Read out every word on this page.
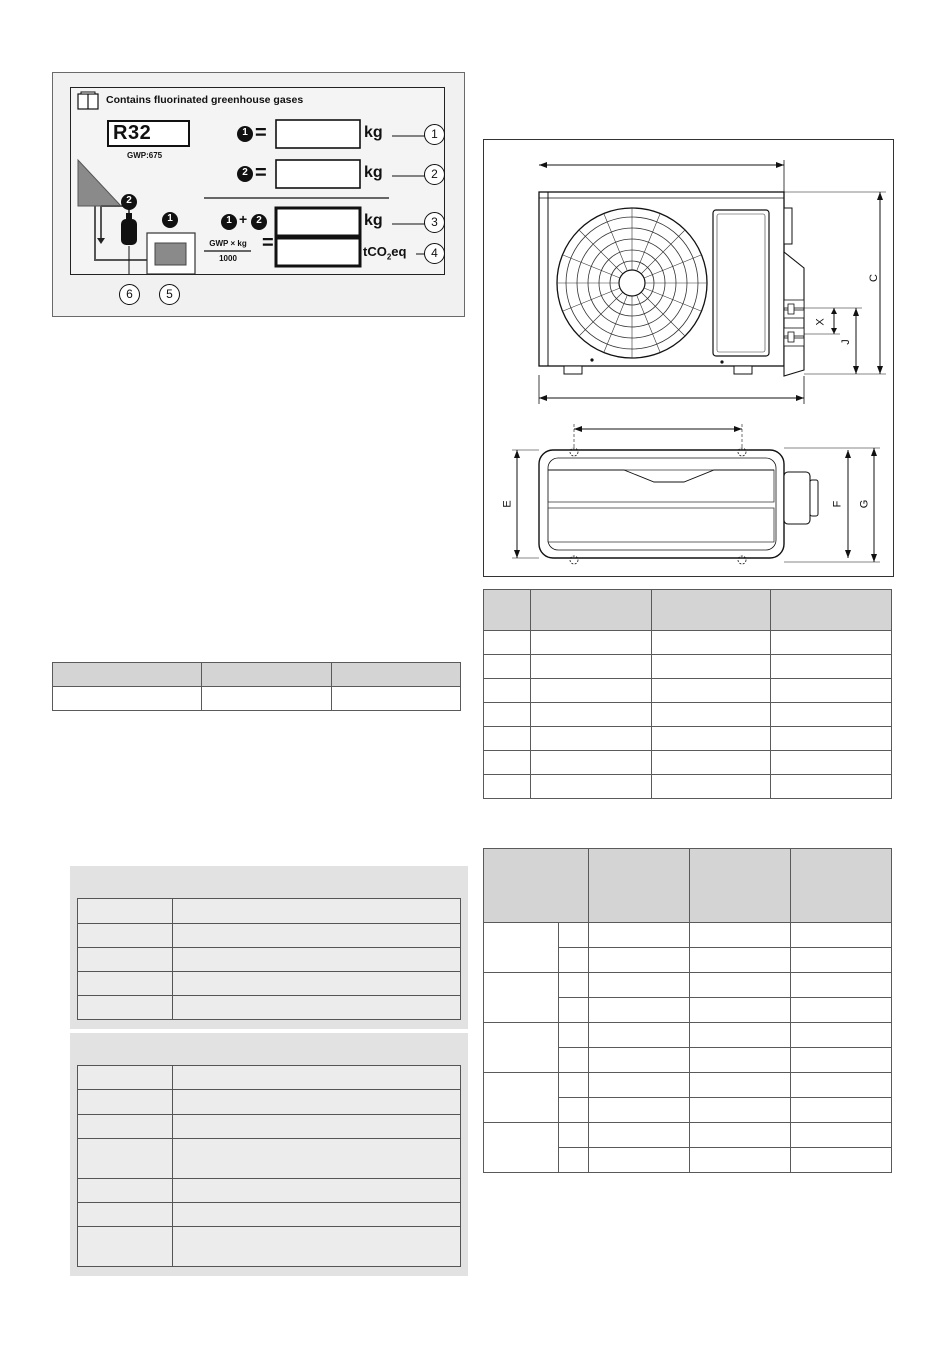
Contains fluorinated greenhouse gases
R32
GWP:675
1
2
1 2
2
1
=
=
=
+
kg
kg
kg
tCO$_2$eq
GWP × kg
1000
1
2
3
4
5
6

C
X
J
E	F G
